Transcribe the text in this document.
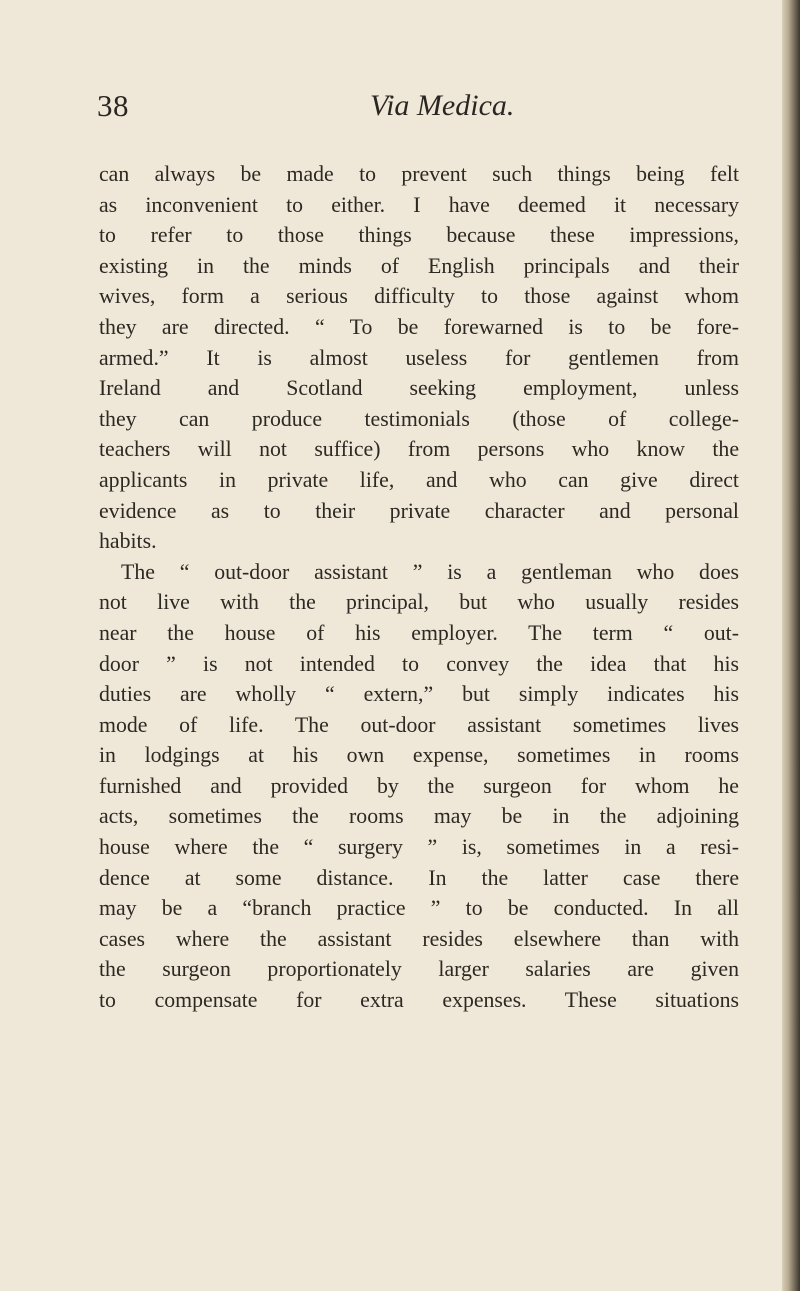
38	Via Medica.
can always be made to prevent such things being felt
as inconvenient to either. I have deemed it necessary
to refer to those things because these impressions,
existing in the minds of English principals and their
wives, form a serious difficulty to those against whom
they are directed. “ To be forewarned is to be fore-
armed.” It is almost useless for gentlemen from
Ireland and Scotland seeking employment, unless
they can produce testimonials (those of college-
teachers will not suffice) from persons who know the
applicants in private life, and who can give direct
evidence as to their private character and personal
habits.
The “ out-door assistant ” is a gentleman who does
not live with the principal, but who usually resides
near the house of his employer. The term “ out-
door ” is not intended to convey the idea that his
duties are wholly “ extern,” but simply indicates his
mode of life. The out-door assistant sometimes lives
in lodgings at his own expense, sometimes in rooms
furnished and provided by the surgeon for whom he
acts, sometimes the rooms may be in the adjoining
house where the “ surgery ” is, sometimes in a resi-
dence at some distance. In the latter case there
may be a “branch practice ” to be conducted. In all
cases where the assistant resides elsewhere than with
the surgeon proportionately larger salaries are given
to compensate for extra expenses. These situations
